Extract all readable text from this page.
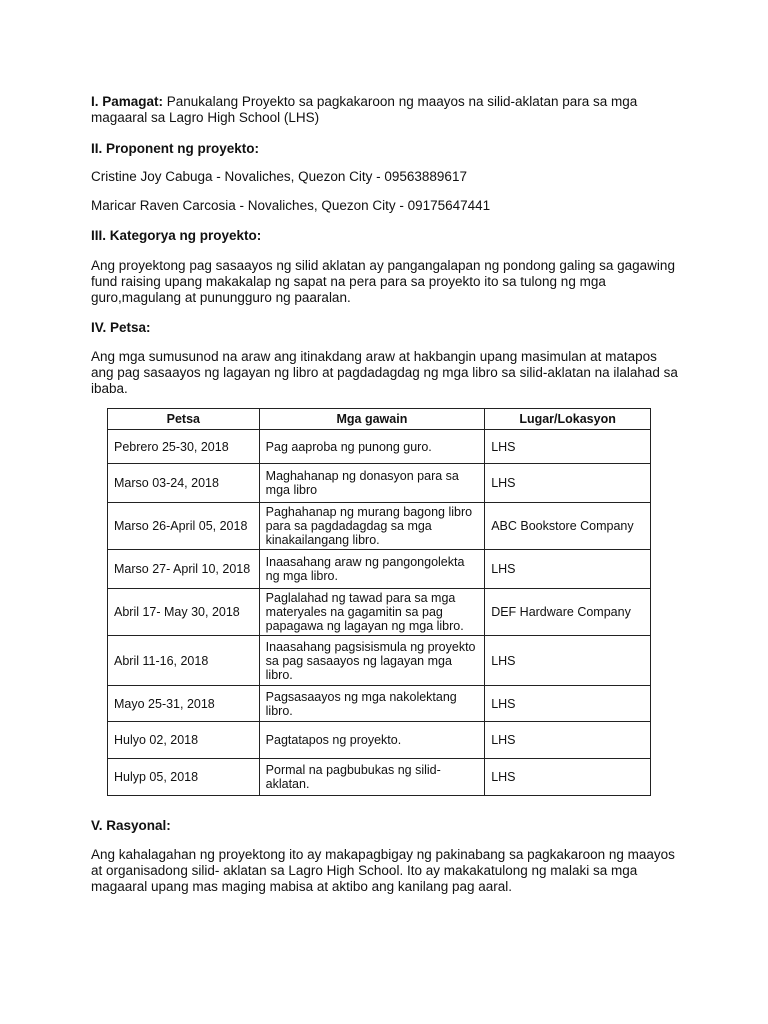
I. Pamagat: Panukalang Proyekto sa pagkakaroon ng maayos na silid-aklatan para sa mga magaaral sa Lagro High School (LHS)

II. Proponent ng proyekto:

Cristine Joy Cabuga - Novaliches, Quezon City - 09563889617

Maricar Raven Carcosia - Novaliches, Quezon City - 09175647441

III. Kategorya ng proyekto:

Ang proyektong pag sasaayos ng silid aklatan ay pangangalapan ng pondong galing sa gagawing fund raising upang makakalap ng sapat na pera para sa proyekto ito sa tulong ng mga guro,magulang at punungguro ng paaralan.

IV. Petsa:

Ang mga sumusunod na araw ang itinakdang araw at hakbangin upang masimulan at matapos ang pag sasaayos ng lagayan ng libro at pagdadagdag ng mga libro sa silid-aklatan na ilalahad sa ibaba.

Petsa	Mga gawain	Lugar/Lokasyon
Pebrero 25-30, 2018	Pag aaproba ng punong guro.	LHS
Marso 03-24, 2018	Maghahanap ng donasyon para sa mga libro	LHS
Marso 26-April 05, 2018	Paghahanap ng murang bagong libro para sa pagdadagdag sa mga kinakailangang libro.	ABC Bookstore Company
Marso 27- April 10, 2018	Inaasahang araw ng pangongolekta ng mga libro.	LHS
Abril 17- May 30, 2018	Paglalahad ng tawad para sa mga materyales na gagamitin sa pag papagawa ng lagayan ng mga libro.	DEF Hardware Company
Abril 11-16, 2018	Inaasahang pagsisismula ng proyekto sa pag sasaayos ng lagayan mga libro.	LHS
Mayo 25-31, 2018	Pagsasaayos ng mga nakolektang libro.	LHS
Hulyo 02, 2018	Pagtatapos ng proyekto.	LHS
Hulyp 05, 2018	Pormal na pagbubukas ng silid-aklatan.	LHS

V. Rasyonal:

Ang kahalagahan ng proyektong ito ay makapagbigay ng pakinabang sa pagkakaroon ng maayos at organisadong silid- aklatan sa Lagro High School. Ito ay makakatulong ng malaki sa mga magaaral upang mas maging mabisa at aktibo ang kanilang pag aaral.
